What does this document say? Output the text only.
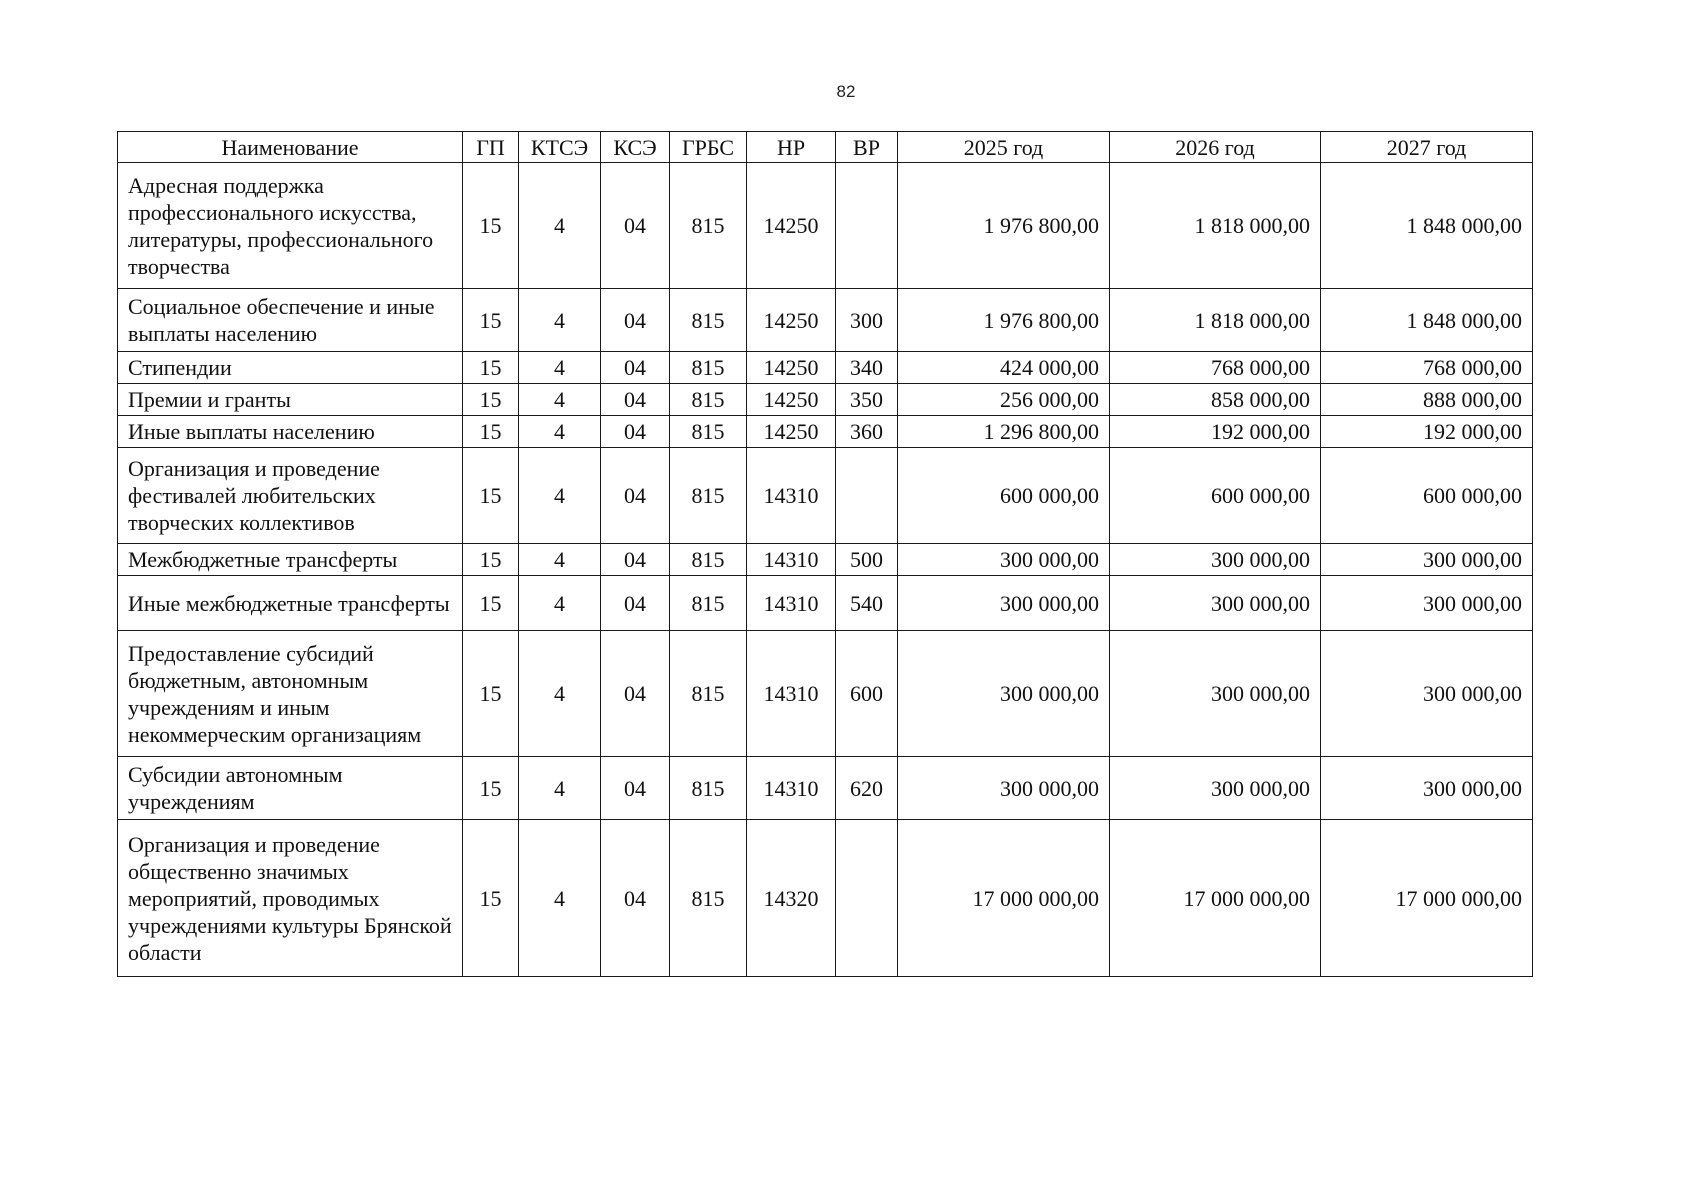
82
Наименование	ГП	КТСЭ	КСЭ	ГРБС	НР	ВР	2025 год	2026 год	2027 год
Адресная поддержка профессионального искусства, литературы, профессионального творчества	15	4	04	815	14250		1 976 800,00	1 818 000,00	1 848 000,00
Социальное обеспечение и иные выплаты населению	15	4	04	815	14250	300	1 976 800,00	1 818 000,00	1 848 000,00
Стипендии	15	4	04	815	14250	340	424 000,00	768 000,00	768 000,00
Премии и гранты	15	4	04	815	14250	350	256 000,00	858 000,00	888 000,00
Иные выплаты населению	15	4	04	815	14250	360	1 296 800,00	192 000,00	192 000,00
Организация и проведение фестивалей любительских творческих коллективов	15	4	04	815	14310		600 000,00	600 000,00	600 000,00
Межбюджетные трансферты	15	4	04	815	14310	500	300 000,00	300 000,00	300 000,00
Иные межбюджетные трансферты	15	4	04	815	14310	540	300 000,00	300 000,00	300 000,00
Предоставление субсидий бюджетным, автономным учреждениям и иным некоммерческим организациям	15	4	04	815	14310	600	300 000,00	300 000,00	300 000,00
Субсидии автономным учреждениям	15	4	04	815	14310	620	300 000,00	300 000,00	300 000,00
Организация и проведение общественно значимых мероприятий, проводимых учреждениями культуры Брянской области	15	4	04	815	14320		17 000 000,00	17 000 000,00	17 000 000,00
